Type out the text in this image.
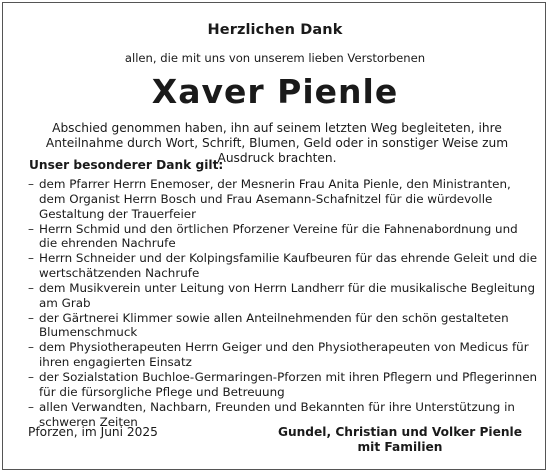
Herzlichen Dank
allen, die mit uns von unserem lieben Verstorbenen
Xaver Pienle
Abschied genommen haben, ihn auf seinem letzten Weg begleiteten, ihre Anteilnahme durch Wort, Schrift, Blumen, Geld oder in sonstiger Weise zum Ausdruck brachten.
Unser besonderer Dank gilt:
– dem Pfarrer Herrn Enemoser, der Mesnerin Frau Anita Pienle, den Ministranten, dem Organist Herrn Bosch und Frau Asemann-Schafnitzel für die würdevolle Gestaltung der Trauerfeier
– Herrn Schmid und den örtlichen Pforzener Vereine für die Fahnenabordnung und die ehrenden Nachrufe
– Herrn Schneider und der Kolpingsfamilie Kaufbeuren für das ehrende Geleit und die wertschätzenden Nachrufe
– dem Musikverein unter Leitung von Herrn Landherr für die musikalische Begleitung am Grab
– der Gärtnerei Klimmer sowie allen Anteilnehmenden für den schön gestalteten Blumenschmuck
– dem Physiotherapeuten Herrn Geiger und den Physiotherapeuten von Medicus für ihren engagierten Einsatz
– der Sozialstation Buchloe-Germaringen-Pforzen mit ihren Pflegern und Pflegerinnen für die fürsorgliche Pflege und Betreuung
– allen Verwandten, Nachbarn, Freunden und Bekannten für ihre Unterstützung in schweren Zeiten
Pforzen, im Juni 2025	Gundel, Christian und Volker Pienle
mit Familien
